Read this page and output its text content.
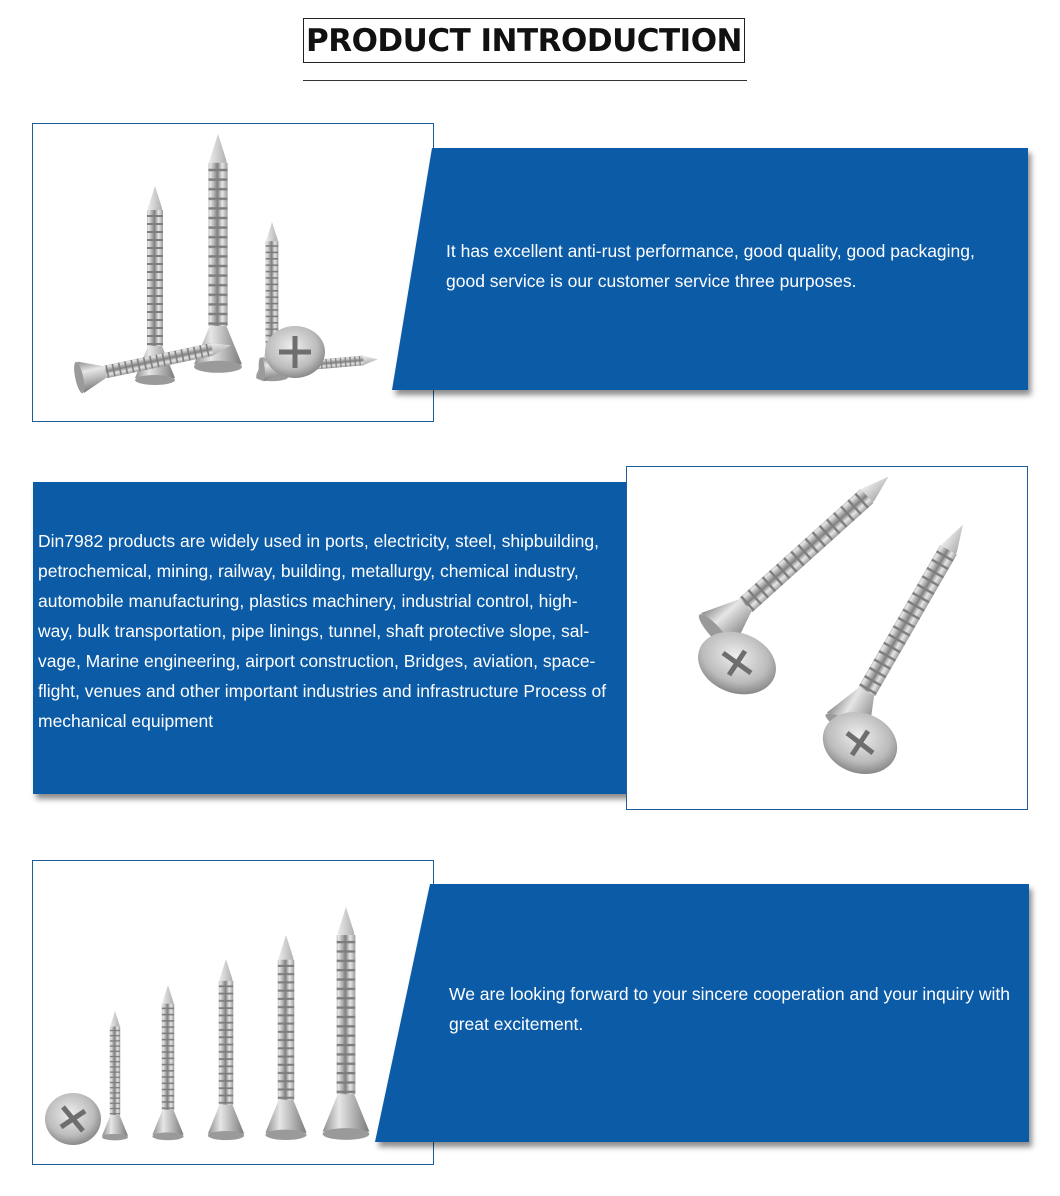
PRODUCT INTRODUCTION
It has excellent anti-rust performance, good quality, good packaging, good service is our customer service three purposes.
Din7982 products are widely used in ports, electricity, steel, shipbuilding, petrochemical, mining, railway, building, metallurgy, chemical industry, automobile manufacturing, plastics machinery, industrial control, high-way, bulk transportation, pipe linings, tunnel, shaft protective slope, sal-vage, Marine engineering, airport construction, Bridges, aviation, space-flight, venues and other important industries and infrastructure Process of mechanical equipment
We are looking forward to your sincere cooperation and your inquiry with great excitement.
